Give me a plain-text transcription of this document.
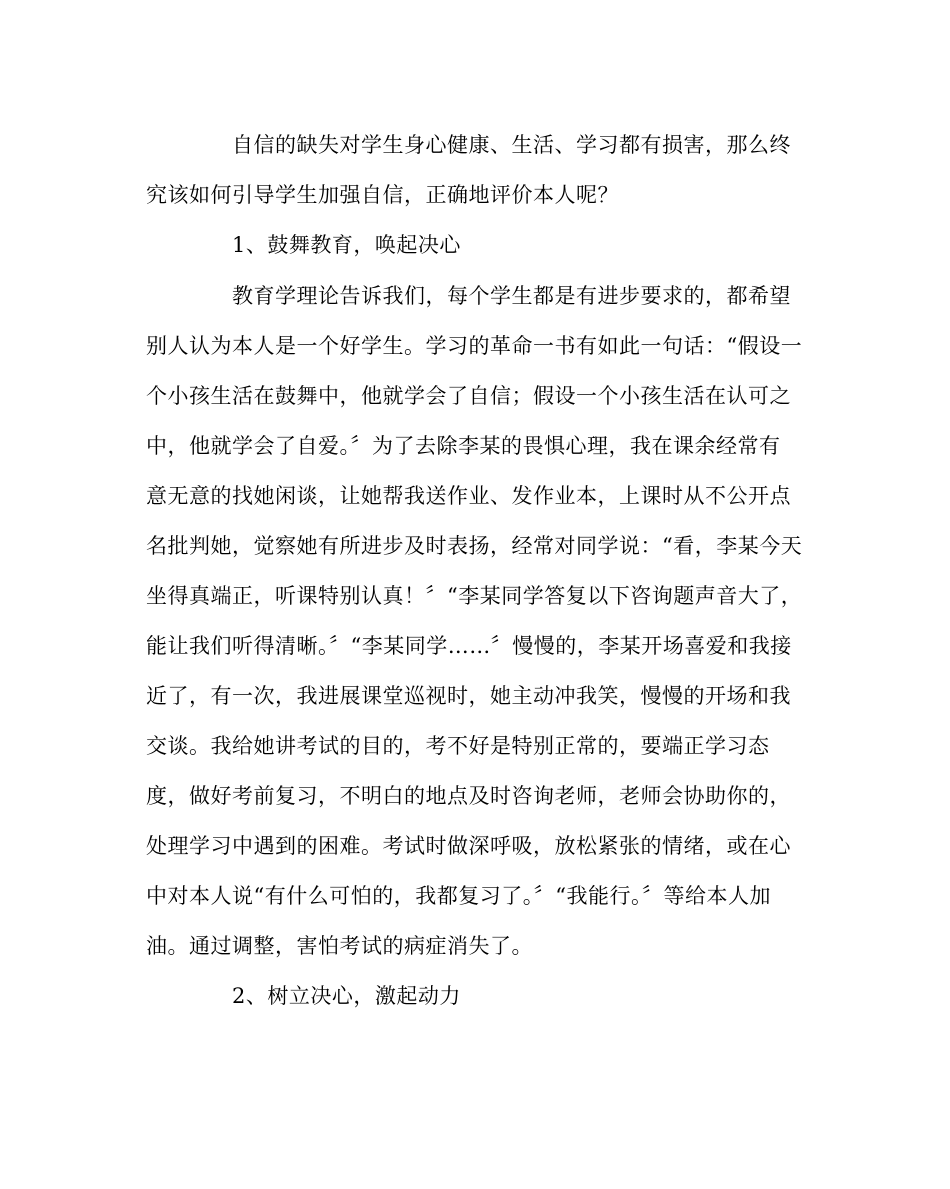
自信的缺失对学生身心健康、生活、学习都有损害，那么终
究该如何引导学生加强自信，正确地评价本人呢？
1、鼓舞教育，唤起决心
教育学理论告诉我们，每个学生都是有进步要求的，都希望
别人认为本人是一个好学生。学习的革命一书有如此一句话：“假设一
个小孩生活在鼓舞中，他就学会了自信；假设一个小孩生活在认可之
中，他就学会了自爱。〞为了去除李某的畏惧心理，我在课余经常有
意无意的找她闲谈，让她帮我送作业、发作业本，上课时从不公开点
名批判她，觉察她有所进步及时表扬，经常对同学说：“看，李某今天
坐得真端正，听课特别认真！〞“李某同学答复以下咨询题声音大了，
能让我们听得清晰。〞“李某同学……〞慢慢的，李某开场喜爱和我接
近了，有一次，我进展课堂巡视时，她主动冲我笑，慢慢的开场和我
交谈。我给她讲考试的目的，考不好是特别正常的，要端正学习态
度，做好考前复习，不明白的地点及时咨询老师，老师会协助你的，
处理学习中遇到的困难。考试时做深呼吸，放松紧张的情绪，或在心
中对本人说“有什么可怕的，我都复习了。〞“我能行。〞等给本人加
油。通过调整，害怕考试的病症消失了。
2、树立决心，激起动力
